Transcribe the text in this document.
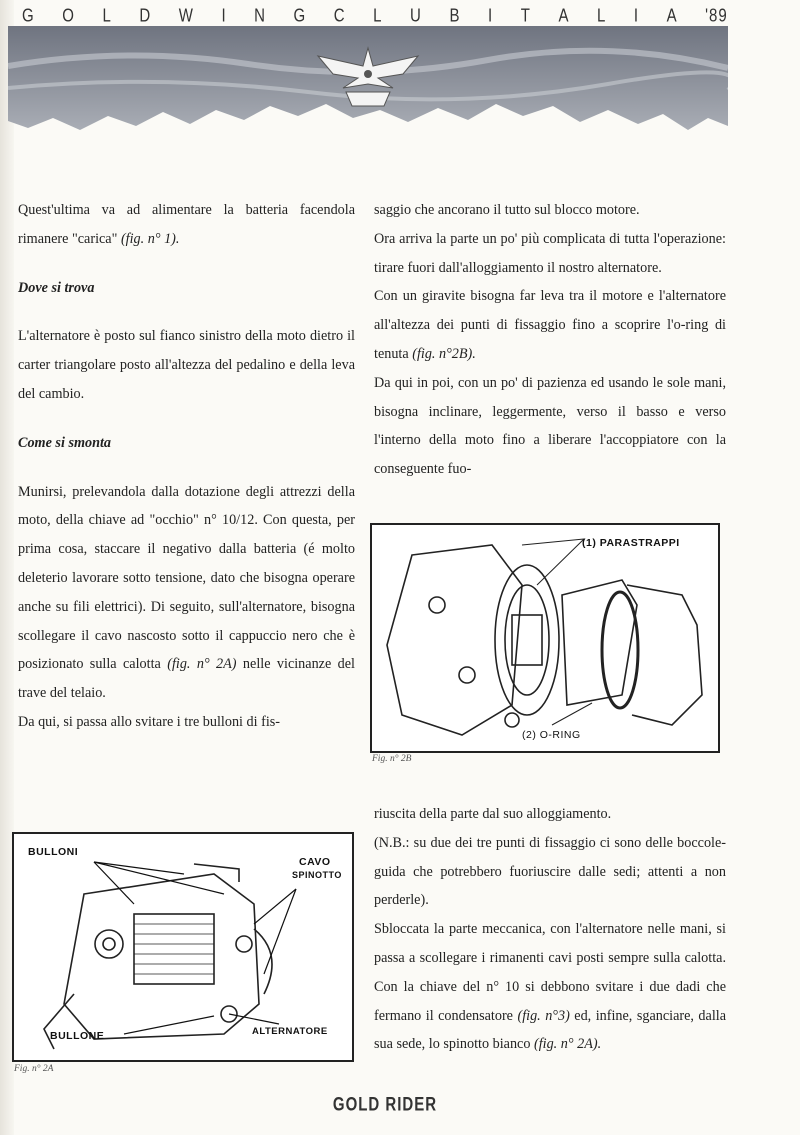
G O L D W I N G C L U B I T A L I A '89

Quest'ultima va ad alimentare la batteria facendola rimanere "carica" (fig. n° 1).

Dove si trova

L'alternatore è posto sul fianco sinistro della moto dietro il carter triangolare posto all'altezza del pedalino e della leva del cambio.

Come si smonta

Munirsi, prelevandola dalla dotazione degli attrezzi della moto, della chiave ad "occhio" n° 10/12. Con questa, per prima cosa, staccare il negativo dalla batteria (é molto deleterio lavorare sotto tensione, dato che bisogna operare anche su fili elettrici). Di seguito, sull'alternatore, bisogna scollegare il cavo nascosto sotto il cappuccio nero che è posizionato sulla calotta (fig. n° 2A) nelle vicinanze del trave del telaio.

Da qui, si passa allo svitare i tre bulloni di fis-

saggio che ancorano il tutto sul blocco motore.

Ora arriva la parte un po' più complicata di tutta l'operazione: tirare fuori dall'alloggiamento il nostro alternatore.

Con un giravite bisogna far leva tra il motore e l'alternatore all'altezza dei punti di fissaggio fino a scoprire l'o-ring di tenuta (fig. n°2B).

Da qui in poi, con un po' di pazienza ed usando le sole mani, bisogna inclinare, leggermente, verso il basso e verso l'interno della moto fino a liberare l'accoppiatore con la conseguente fuo-

(1) PARASTRAPPI
(2) O-RING
Fig. n° 2B

riuscita della parte dal suo alloggiamento.

(N.B.: su due dei tre punti di fissaggio ci sono delle boccole-guida che potrebbero fuoriuscire dalle sedi; attenti a non perderle).

Sbloccata la parte meccanica, con l'alternatore nelle mani, si passa a scollegare i rimanenti cavi posti sempre sulla calotta. Con la chiave del n° 10 si debbono svitare i due dadi che fermano il condensatore (fig. n°3) ed, infine, sganciare, dalla sua sede, lo spinotto bianco (fig. n° 2A).

BULLONI
CAVO
SPINOTTO
BULLONE	ALTERNATORE
Fig. n° 2A
GOLD RIDER
